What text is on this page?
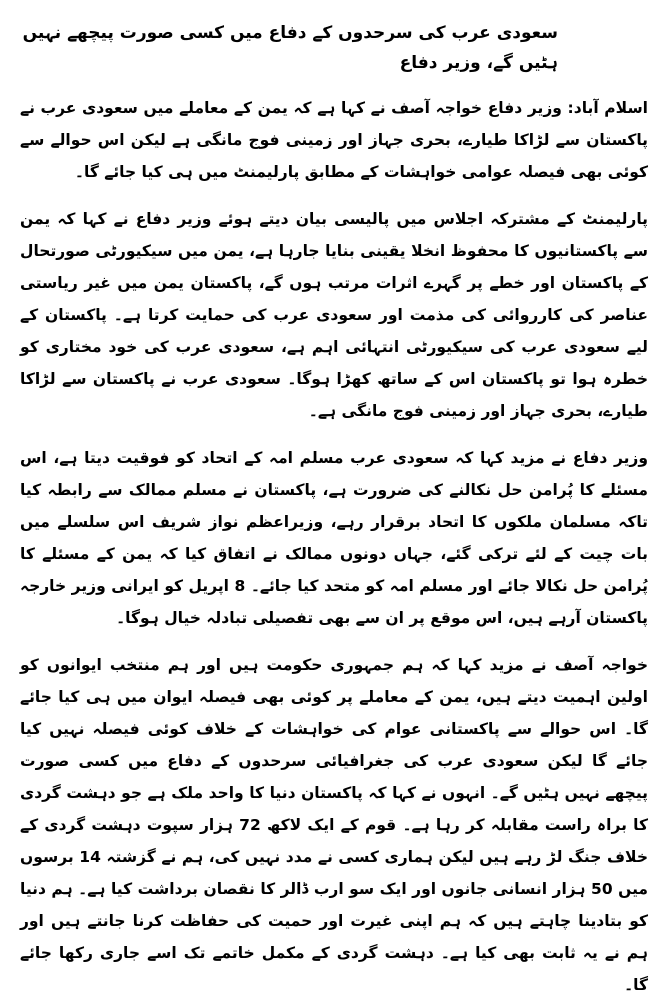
سعودی عرب کی سرحدوں کے دفاع میں کسی صورت پیچھے نہیں ہٹیں گے، وزیر دفاع

اسلام آباد: وزیر دفاع خواجہ آصف نے کہا ہے کہ یمن کے معاملے میں سعودی عرب نے پاکستان سے لڑاکا طیارے، بحری جہاز اور زمینی فوج مانگی ہے لیکن اس حوالے سے کوئی بھی فیصلہ عوامی خواہشات کے مطابق پارلیمنٹ میں ہی کیا جائے گا۔

پارلیمنٹ کے مشترکہ اجلاس میں پالیسی بیان دیتے ہوئے وزیر دفاع نے کہا کہ یمن سے پاکستانیوں کا محفوظ انخلا یقینی بنایا جارہا ہے، یمن میں سیکیورٹی صورتحال کے پاکستان اور خطے پر گہرے اثرات مرتب ہوں گے، پاکستان یمن میں غیر ریاستی عناصر کی کارروائی کی مذمت اور سعودی عرب کی حمایت کرتا ہے۔ پاکستان کے لیے سعودی عرب کی سیکیورٹی انتہائی اہم ہے، سعودی عرب کی خود مختاری کو خطرہ ہوا تو پاکستان اس کے ساتھ کھڑا ہوگا۔ سعودی عرب نے پاکستان سے لڑاکا طیارے، بحری جہاز اور زمینی فوج مانگی ہے۔

وزیر دفاع نے مزید کہا کہ سعودی عرب مسلم امہ کے اتحاد کو فوقیت دیتا ہے، اس مسئلے کا پُرامن حل نکالنے کی ضرورت ہے، پاکستان نے مسلم ممالک سے رابطہ کیا تاکہ مسلمان ملکوں کا اتحاد برقرار رہے، وزیراعظم نواز شریف اس سلسلے میں بات چیت کے لئے ترکی گئے، جہاں دونوں ممالک نے اتفاق کیا کہ یمن کے مسئلے کا پُرامن حل نکالا جائے اور مسلم امہ کو متحد کیا جائے۔ 8 اپریل کو ایرانی وزیر خارجہ پاکستان آرہے ہیں، اس موقع پر ان سے بھی تفصیلی تبادلہ خیال ہوگا۔

خواجہ آصف نے مزید کہا کہ ہم جمہوری حکومت ہیں اور ہم منتخب ایوانوں کو اولین اہمیت دیتے ہیں، یمن کے معاملے پر کوئی بھی فیصلہ ایوان میں ہی کیا جائے گا۔ اس حوالے سے پاکستانی عوام کی خواہشات کے خلاف کوئی فیصلہ نہیں کیا جائے گا لیکن سعودی عرب کی جغرافیائی سرحدوں کے دفاع میں کسی صورت پیچھے نہیں ہٹیں گے۔ انہوں نے کہا کہ پاکستان دنیا کا واحد ملک ہے جو دہشت گردی کا براہ راست مقابلہ کر رہا ہے۔ قوم کے ایک لاکھ 72 ہزار سپوت دہشت گردی کے خلاف جنگ لڑ رہے ہیں لیکن ہماری کسی نے مدد نہیں کی، ہم نے گزشتہ 14 برسوں میں 50 ہزار انسانی جانوں اور ایک سو ارب ڈالر کا نقصان برداشت کیا ہے۔ ہم دنیا کو بتادینا چاہتے ہیں کہ ہم اپنی غیرت اور حمیت کی حفاظت کرنا جانتے ہیں اور ہم نے یہ ثابت بھی کیا ہے۔ دہشت گردی کے مکمل خاتمے تک اسے جاری رکھا جائے گا۔
